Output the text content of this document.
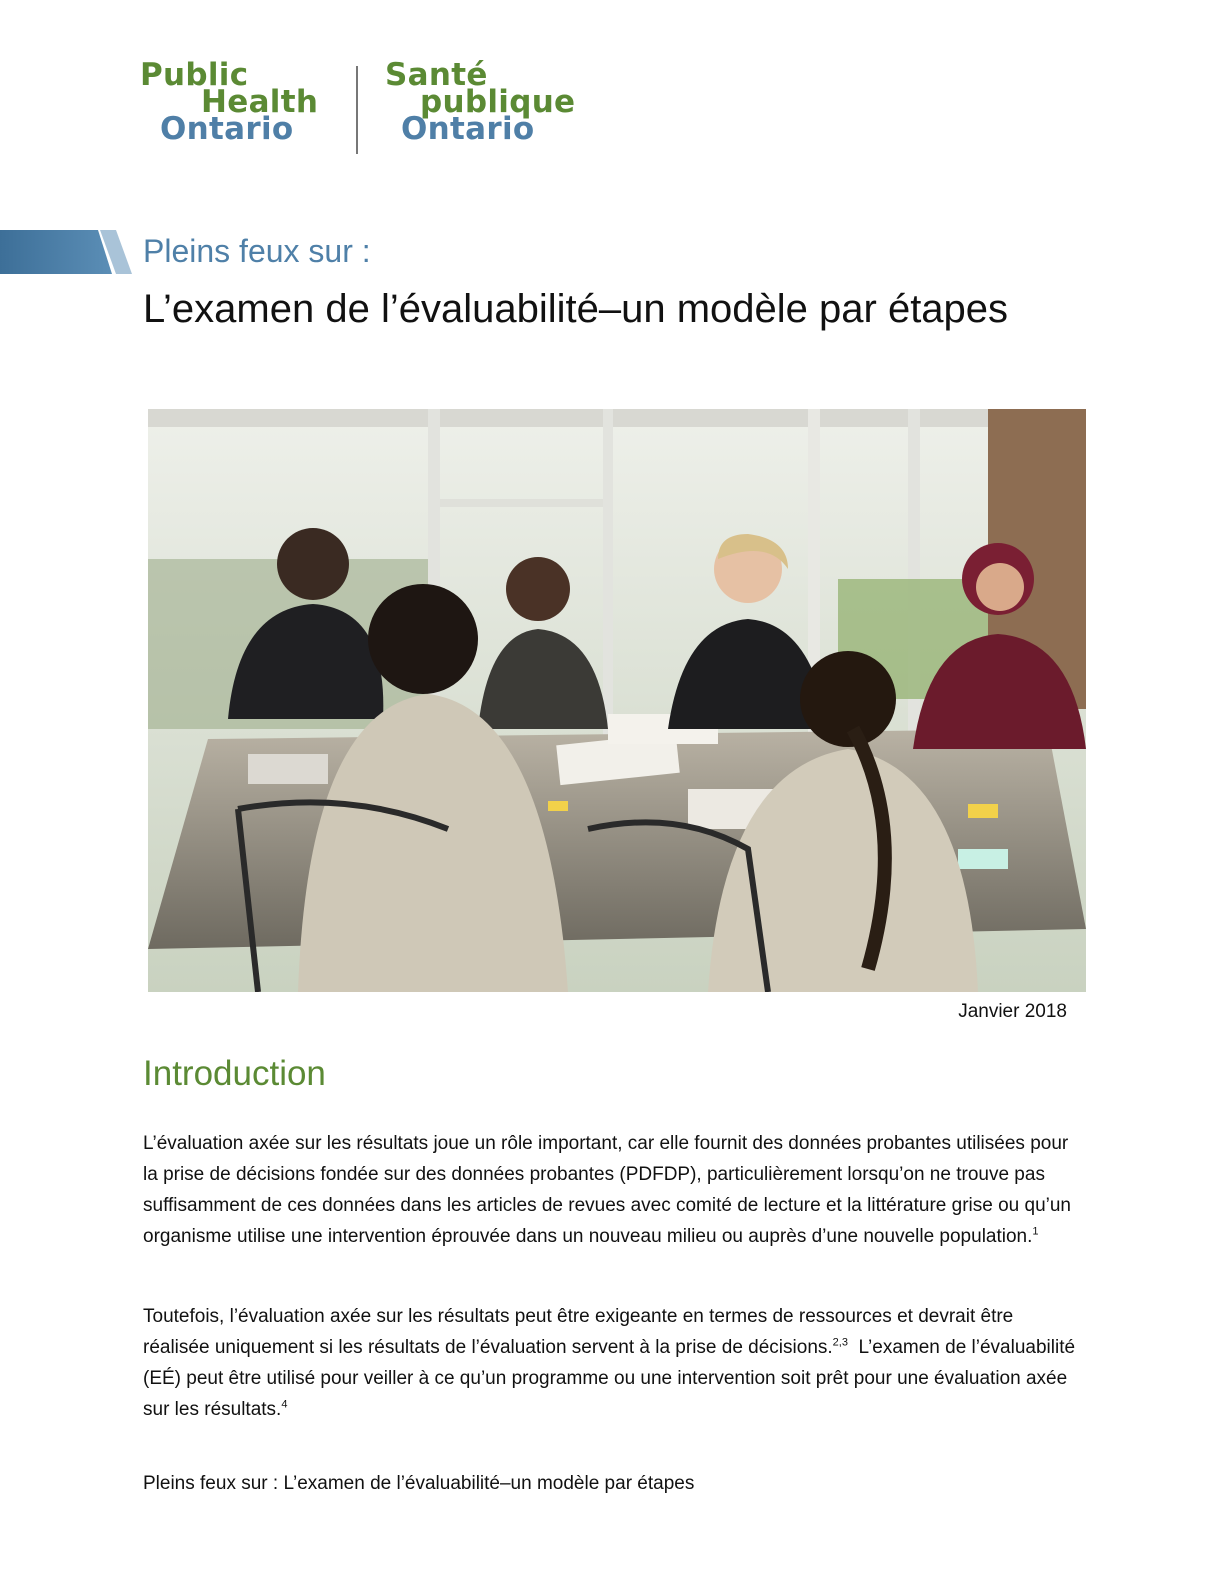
Public
Health
Ontario
Santé
publique
Ontario
Pleins feux sur :
L’examen de l’évaluabilité–un modèle par étapes
Janvier 2018
Introduction
L’évaluation axée sur les résultats joue un rôle important, car elle fournit des données probantes utilisées pour la prise de décisions fondée sur des données probantes (PDFDP), particulièrement lorsqu’on ne trouve pas suffisamment de ces données dans les articles de revues avec comité de lecture et la littérature grise ou qu’un organisme utilise une intervention éprouvée dans un nouveau milieu ou auprès d’une nouvelle population.$^1$
Toutefois, l’évaluation axée sur les résultats peut être exigeante en termes de ressources et devrait être réalisée uniquement si les résultats de l’évaluation servent à la prise de décisions.$^{2,3}$  L’examen de l’évaluabilité (EÉ) peut être utilisé pour veiller à ce qu’un programme ou une intervention soit prêt pour une évaluation axée sur les résultats.$^4$
Pleins feux sur : L’examen de l’évaluabilité–un modèle par étapes
